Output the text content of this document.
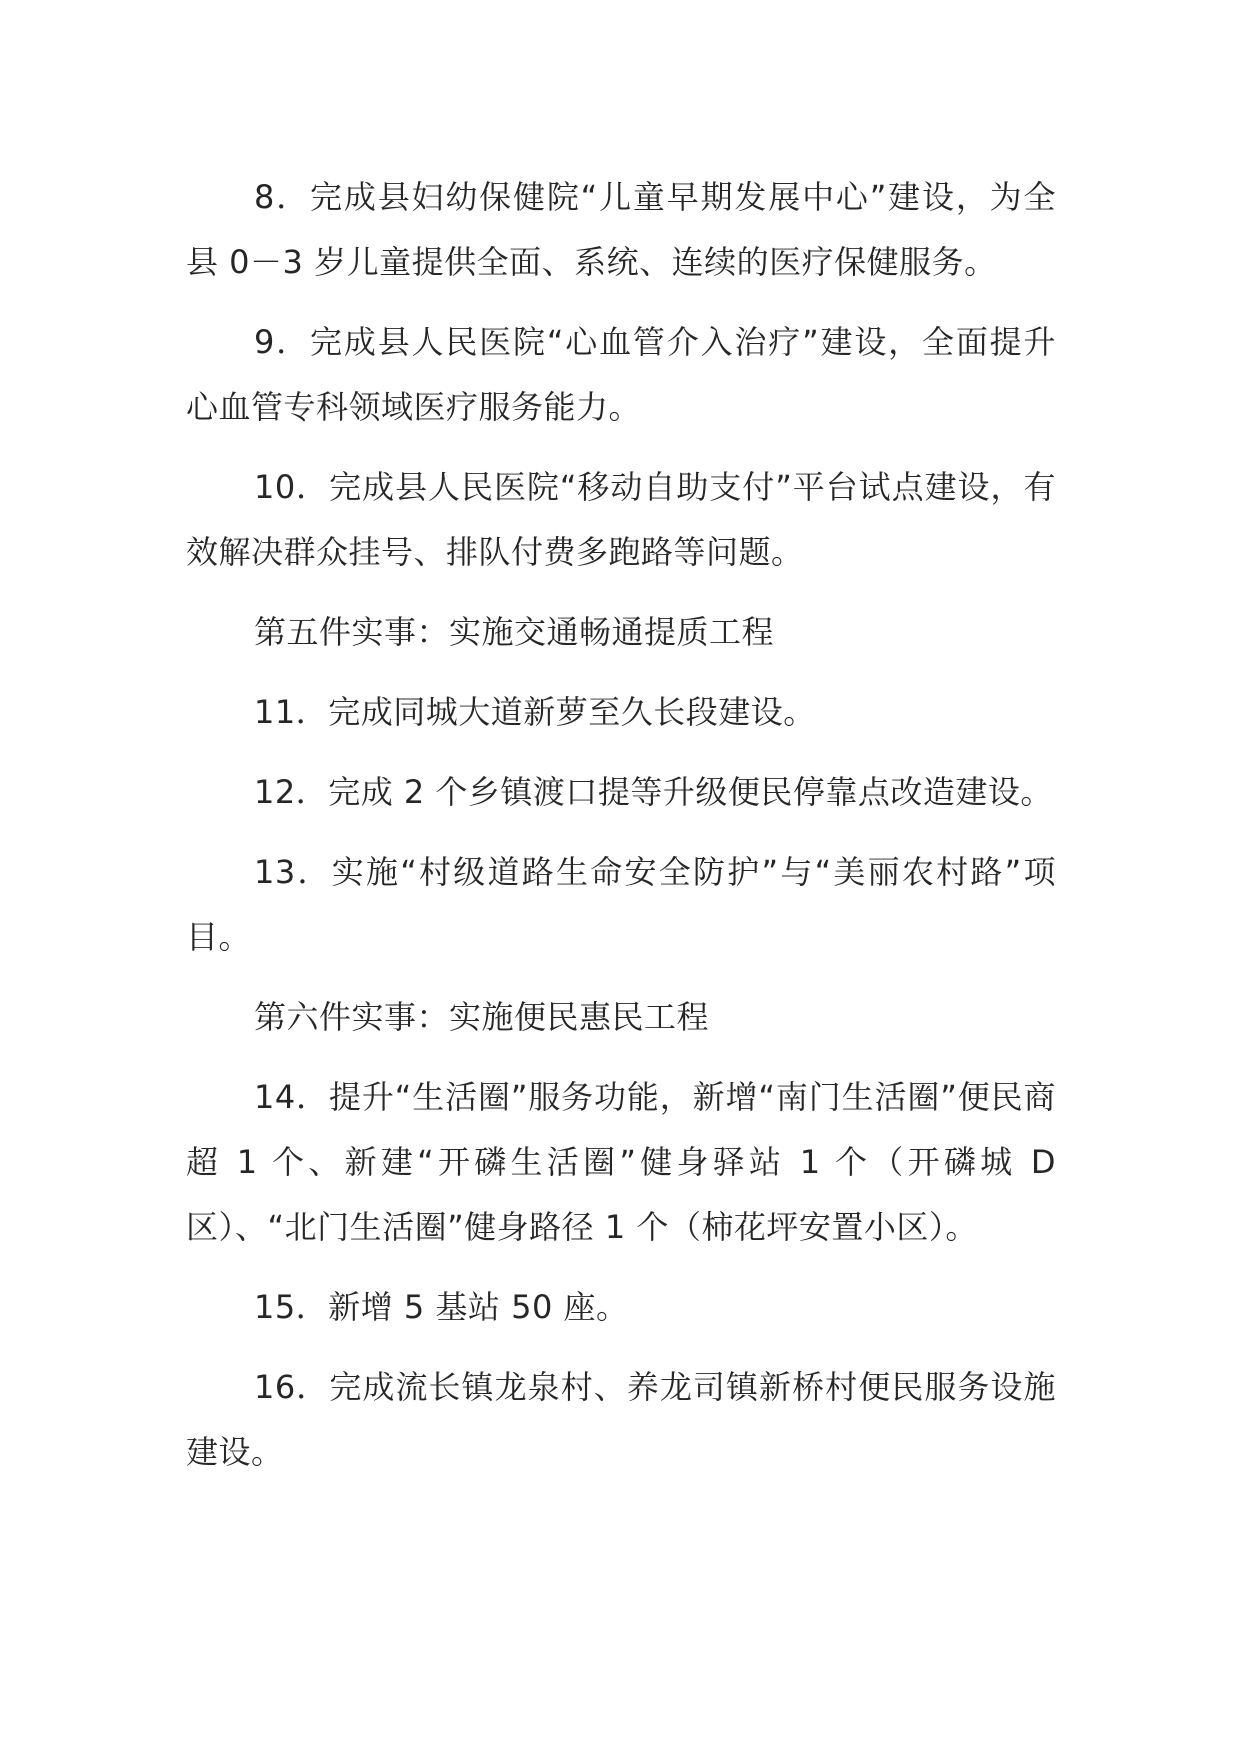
8．完成县妇幼保健院“儿童早期发展中心”建设，为全县 0－3 岁儿童提供全面、系统、连续的医疗保健服务。

9．完成县人民医院“心血管介入治疗”建设，全面提升心血管专科领域医疗服务能力。

10．完成县人民医院“移动自助支付”平台试点建设，有效解决群众挂号、排队付费多跑路等问题。

第五件实事：实施交通畅通提质工程

11．完成同城大道新萝至久长段建设。

12．完成 2 个乡镇渡口提等升级便民停靠点改造建设。

13．实施“村级道路生命安全防护”与“美丽农村路”项目。

第六件实事：实施便民惠民工程

14．提升“生活圈”服务功能，新增“南门生活圈”便民商超 1 个、新建“开磷生活圈”健身驿站 1 个（开磷城 D 区）、“北门生活圈”健身路径 1 个（柿花坪安置小区）。

15．新增 5 基站 50 座。

16．完成流长镇龙泉村、养龙司镇新桥村便民服务设施建设。
